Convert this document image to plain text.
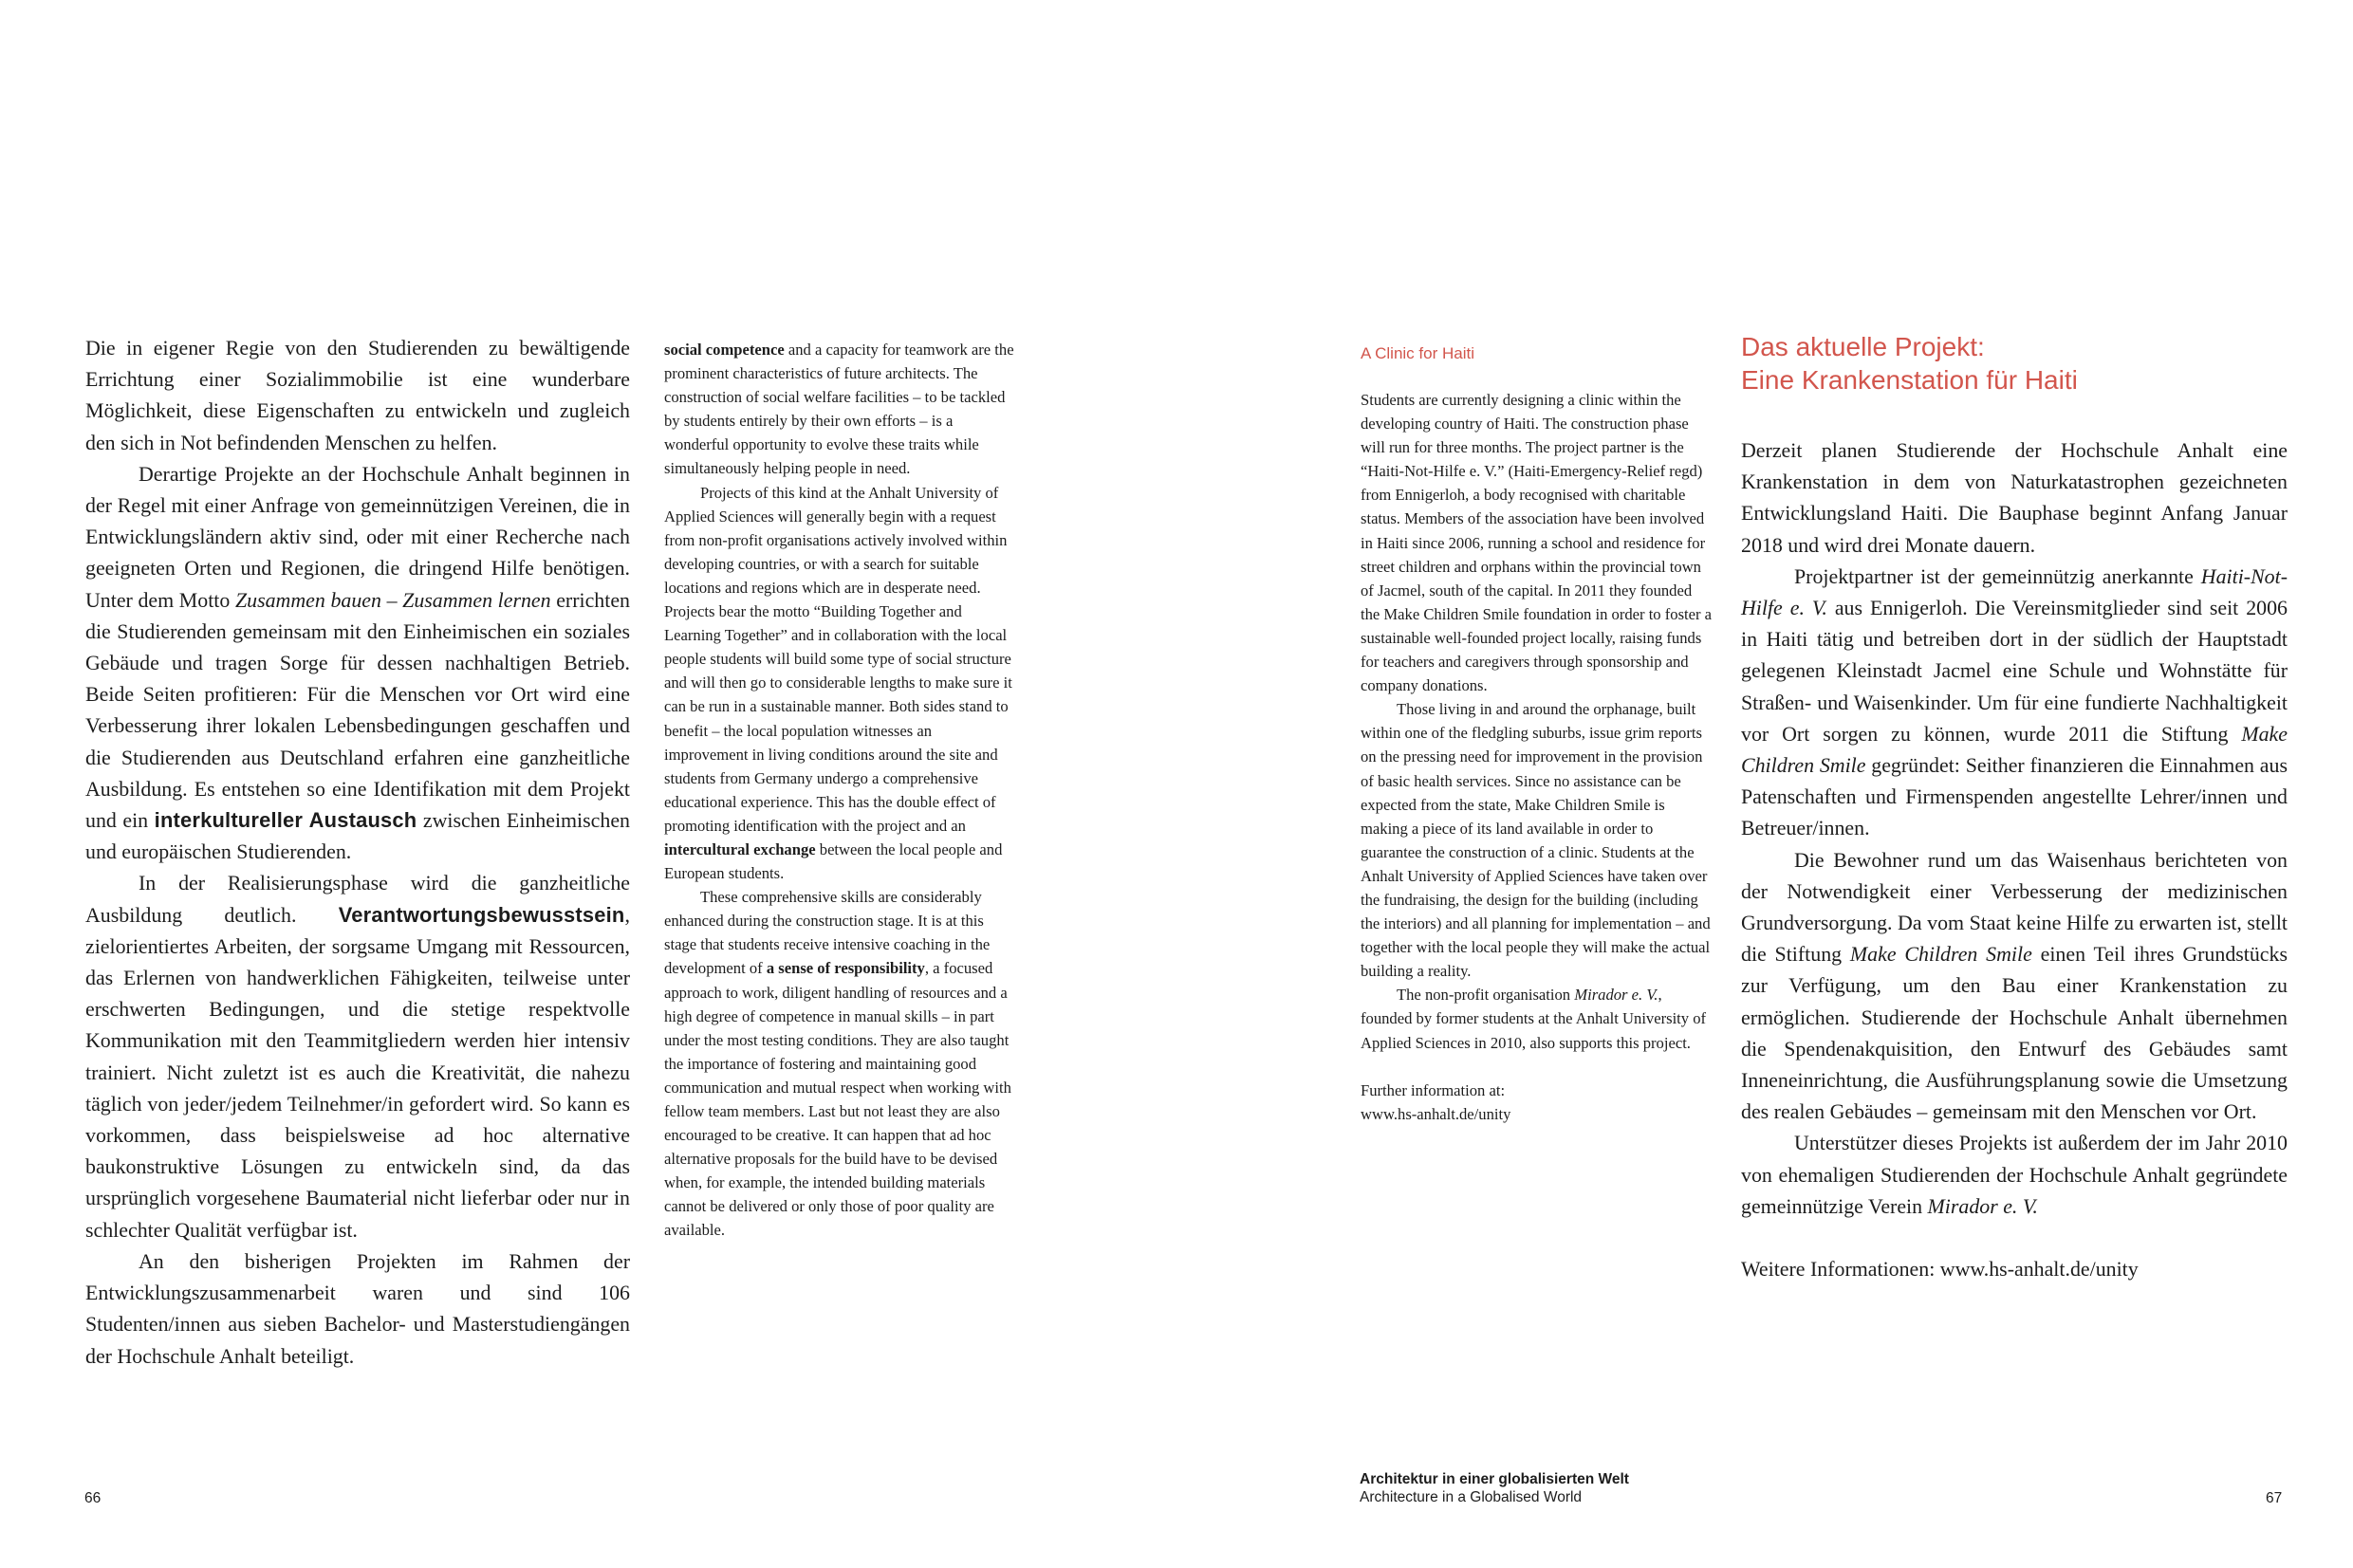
Die in eigener Regie von den Studierenden zu bewältigende Errichtung einer Sozialimmobilie ist eine wunderbare Möglichkeit, diese Eigenschaften zu entwickeln und zugleich den sich in Not befindenden Menschen zu helfen.

Derartige Projekte an der Hochschule Anhalt beginnen in der Regel mit einer Anfrage von gemeinnützigen Vereinen, die in Entwicklungsländern aktiv sind, oder mit einer Recherche nach geeigneten Orten und Regionen, die dringend Hilfe benötigen. Unter dem Motto Zusammen bauen – Zusammen lernen errichten die Studierenden gemeinsam mit den Einheimischen ein soziales Gebäude und tragen Sorge für dessen nachhaltigen Betrieb. Beide Seiten profitieren: Für die Menschen vor Ort wird eine Verbesserung ihrer lokalen Lebensbedingungen geschaffen und die Studierenden aus Deutschland erfahren eine ganzheitliche Ausbildung. Es entstehen so eine Identifikation mit dem Projekt und ein interkultureller Austausch zwischen Einheimischen und europäischen Studierenden.

In der Realisierungsphase wird die ganzheitliche Ausbildung deutlich. Verantwortungsbewusstsein, zielorientiertes Arbeiten, der sorgsame Umgang mit Ressourcen, das Erlernen von handwerklichen Fähigkeiten, teilweise unter erschwerten Bedingungen, und die stetige respektvolle Kommunikation mit den Teammitgliedern werden hier intensiv trainiert. Nicht zuletzt ist es auch die Kreativität, die nahezu täglich von jeder/jedem Teilnehmer/in gefordert wird. So kann es vorkommen, dass beispielsweise ad hoc alternative baukonstruktive Lösungen zu entwickeln sind, da das ursprünglich vorgesehene Baumaterial nicht lieferbar oder nur in schlechter Qualität verfügbar ist.

An den bisherigen Projekten im Rahmen der Entwicklungszusammenarbeit waren und sind 106 Studenten/innen aus sieben Bachelor- und Masterstudiengängen der Hochschule Anhalt beteiligt.

social competence and a capacity for teamwork are the prominent characteristics of future architects. The construction of social welfare facilities – to be tackled by students entirely by their own efforts – is a wonderful opportunity to evolve these traits while simultaneously helping people in need.

Projects of this kind at the Anhalt University of Applied Sciences will generally begin with a request from non-profit organisations actively involved within developing countries, or with a search for suitable locations and regions which are in desperate need. Projects bear the motto “Building Together and Learning Together” and in collaboration with the local people students will build some type of social structure and will then go to considerable lengths to make sure it can be run in a sustainable manner. Both sides stand to benefit – the local population witnesses an improvement in living conditions around the site and students from Germany undergo a comprehensive educational experience. This has the double effect of promoting identification with the project and an intercultural exchange between the local people and European students.

These comprehensive skills are considerably enhanced during the construction stage. It is at this stage that students receive intensive coaching in the development of a sense of responsibility, a focused approach to work, diligent handling of resources and a high degree of competence in manual skills – in part under the most testing conditions. They are also taught the importance of fostering and maintaining good communication and mutual respect when working with fellow team members. Last but not least they are also encouraged to be creative. It can happen that ad hoc alternative proposals for the build have to be devised when, for example, the intended building materials cannot be delivered or only those of poor quality are available.

A Clinic for Haiti

Students are currently designing a clinic within the developing country of Haiti. The construction phase will run for three months. The project partner is the “Haiti-Not-Hilfe e. V.” (Haiti-Emergency-Relief regd) from Ennigerloh, a body recognised with charitable status. Members of the association have been involved in Haiti since 2006, running a school and residence for street children and orphans within the provincial town of Jacmel, south of the capital. In 2011 they founded the Make Children Smile foundation in order to foster a sustainable well-founded project locally, raising funds for teachers and caregivers through sponsorship and company donations.

Those living in and around the orphanage, built within one of the fledgling suburbs, issue grim reports on the pressing need for improvement in the provision of basic health services. Since no assistance can be expected from the state, Make Children Smile is making a piece of its land available in order to guarantee the construction of a clinic. Students at the Anhalt University of Applied Sciences have taken over the fundraising, the design for the building (including the interiors) and all planning for implementation – and together with the local people they will make the actual building a reality.

The non-profit organisation Mirador e. V., founded by former students at the Anhalt University of Applied Sciences in 2010, also supports this project.

Further information at:
www.hs-anhalt.de/unity

Das aktuelle Projekt:
Eine Krankenstation für Haiti

Derzeit planen Studierende der Hochschule Anhalt eine Krankenstation in dem von Naturkatastrophen gezeichneten Entwicklungsland Haiti. Die Bauphase beginnt Anfang Januar 2018 und wird drei Monate dauern.

Projektpartner ist der gemeinnützig anerkannte Haiti-Not-Hilfe e. V. aus Ennigerloh. Die Vereinsmitglieder sind seit 2006 in Haiti tätig und betreiben dort in der südlich der Hauptstadt gelegenen Kleinstadt Jacmel eine Schule und Wohnstätte für Straßen- und Waisenkinder. Um für eine fundierte Nachhaltigkeit vor Ort sorgen zu können, wurde 2011 die Stiftung Make Children Smile gegründet: Seither finanzieren die Einnahmen aus Patenschaften und Firmenspenden angestellte Lehrer/innen und Betreuer/innen.

Die Bewohner rund um das Waisenhaus berichteten von der Notwendigkeit einer Verbesserung der medizinischen Grundversorgung. Da vom Staat keine Hilfe zu erwarten ist, stellt die Stiftung Make Children Smile einen Teil ihres Grundstücks zur Verfügung, um den Bau einer Krankenstation zu ermöglichen. Studierende der Hochschule Anhalt übernehmen die Spendenakquisition, den Entwurf des Gebäudes samt Inneneinrichtung, die Ausführungsplanung sowie die Umsetzung des realen Gebäudes – gemeinsam mit den Menschen vor Ort.

Unterstützer dieses Projekts ist außerdem der im Jahr 2010 von ehemaligen Studierenden der Hochschule Anhalt gegründete gemeinnützige Verein Mirador e. V.

Weitere Informationen: www.hs-anhalt.de/unity

66
Architektur in einer globalisierten Welt
Architecture in a Globalised World	67
